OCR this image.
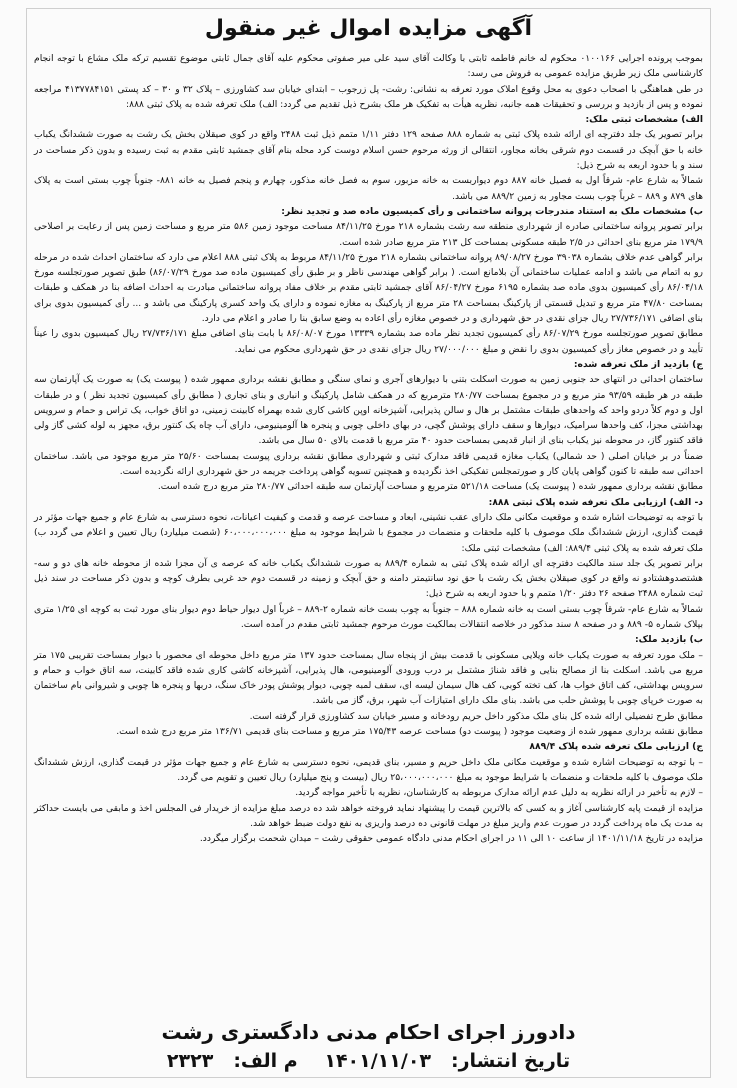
آگهی مزایده اموال غیر منقول

بموجب پرونده اجرایی ۰۱۰۰۱۶۶ محکوم له خانم فاطمه ثابتی با وکالت آقای سید علی میر صفوتی محکوم علیه آقای جمال ثابتی موضوع تقسیم ترکه ملک مشاع با توجه انجام کارشناسی ملک زیر طریق مزایده عمومی به فروش می رسد:

در طی هماهنگی با اصحاب دعوی به محل وقوع املاک مورد تعرفه به نشانی: رشت- پل زرجوب – ابتدای خیابان سد کشاورزی – پلاک ۳۲ و ۳۰ – کد پستی ۴۱۳۷۷۸۴۱۵۱ مراجعه نموده و پس از بازدید و بررسی و تحقیقات همه جانبه، نظریه هیأت به تفکیک هر ملک بشرح ذیل تقدیم می گردد: الف) ملک تعرفه شده به پلاک ثبتی ۸۸۸:

الف) مشخصات ثبتی ملک:

برابر تصویر یک جلد دفترچه ای ارائه شده پلاک ثبتی به شماره ۸۸۸ صفحه ۱۲۹ دفتر ۱/۱۱ متمم ذیل ثبت ۲۴۸۸ واقع در کوی صیقلان بخش یک رشت به صورت ششدانگ یکباب خانه با حق آبچک در قسمت دوم شرقی بخانه مجاور، انتقالی از ورثه مرحوم حسن اسلام دوست کرد محله بنام آقای جمشید ثابتی مقدم به ثبت رسیده و بدون ذکر مساحت در سند و با حدود اربعه به شرح ذیل:

شمالاً به شارع عام- شرقاً اول به فصیل خانه ۸۸۷ دوم دیواربست به خانه مزبور، سوم به فصل خانه مذکور، چهارم و پنجم فصیل به خانه ۸۸۱- جنوباً چوب بستی است به پلاک های ۸۷۹ و ۸۸۹ – غرباً چوب بست مجاور به زمین ۸۸۹/۲ می باشد.

ب) مشخصات ملک به استناد مندرجات پروانه ساختمانی و رأی کمیسیون ماده صد و تجدید نظر:

برابر تصویر پروانه ساختمانی صادره از شهرداری منطقه سه رشت بشماره ۲۱۸ مورخ ۸۴/۱۱/۲۵ مساحت موجود زمین ۵۸۶ متر مربع و مساحت زمین پس از رعایت بر اصلاحی ۱۷۹/۹ متر مربع بنای احداثی در ۲/۵ طبقه مسکونی بمساحت کل ۲۱۳ متر مربع صادر شده است.

برابر گواهی عدم خلاف بشماره ۳۹۰۳۸ مورخ ۸۹/۰۸/۲۷ پروانه ساختمانی بشماره ۲۱۸ مورخ ۸۴/۱۱/۲۵ مربوط به پلاک ثبتی ۸۸۸ اعلام می دارد که ساختمان احداث شده در مرحله رو به اتمام می باشد و ادامه عملیات ساختمانی آن بلامانع است. ( برابر گواهی مهندسی ناظر و بر طبق رأی کمیسیون ماده صد مورخ ۸۶/۰۷/۲۹) طبق تصویر صورتجلسه مورخ ۸۶/۰۴/۱۸ رأی کمیسیون بدوی ماده صد بشماره ۶۱۹۵ مورخ ۸۶/۰۴/۲۷ آقای جمشید ثابتی مقدم بر خلاف مفاد پروانه ساختمانی مبادرت به احداث اضافه بنا در همکف و طبقات بمساحت ۴۷/۸۰ متر مربع و تبدیل قسمتی از پارکینگ بمساحت ۲۸ متر مربع از پارکینگ به مغازه نموده و دارای یک واحد کسری پارکینگ می باشد و ... رأی کمیسیون بدوی برای بنای اضافی ۲۷/۷۳۶/۱۷۱ ریال جزای نقدی در حق شهرداری و در خصوص مغازه رأی اعاده به وضع سابق بنا را صادر و اعلام می دارد.

مطابق تصویر صورتجلسه مورخ ۸۶/۰۷/۲۹ رأی کمیسیون تجدید نظر ماده صد بشماره ۱۳۳۳۹ مورخ ۸۶/۰۸/۰۷ با بابت بنای اضافی مبلغ ۲۷/۷۳۶/۱۷۱ ریال کمیسیون بدوی را عیناً تأیید و در خصوص مغاز رأی کمیسیون بدوی را نقض و مبلغ ۲۷/۰۰۰/۰۰۰ ریال جزای نقدی در حق شهرداری محکوم می نماید.

ج) بازدید از ملک تعرفه شده:

ساختمان احداثی در انتهای حد جنوبی زمین به صورت اسکلت بتنی با دیوارهای آجری و نمای سنگی و مطابق نقشه برداری ممهور شده ( پیوست یک) به صورت یک آپارتمان سه طبقه در هر طبقه ۹۳/۵۹ متر مربع و در مجموع بمساحت ۲۸۰/۷۷ مترمربع که در همکف شامل پارکینگ و انباری و بنای تجاری ( مطابق رأی کمیسیون تجدید نظر ) و در طبقات اول و دوم کلاً دردو واحد که واحدهای طبقات مشتمل بر هال و سالن پذیرایی، آشپزخانه اوپن کاشی کاری شده بهمراه کابینت زمینی، دو اتاق خواب، یک تراس و حمام و سرویس بهداشتی مجزا، کف واحدها سرامیک، دیوارها و سقف دارای پوشش گچی، در بهای داخلی چوبی و پنجره ها آلومینیومی، دارای آب چاه یک کنتور برق، مجهز به لوله کشی گاز ولی فاقد کنتور گاز، در محوطه نیز یکباب بنای از انبار قدیمی بمساحت حدود ۴۰ متر مربع با قدمت بالای ۵۰ سال می باشد.

ضمناً در بر خیابان اصلی ( حد شمالی) یکباب مغازه قدیمی فاقد مدارک ثبتی و شهرداری مطابق نقشه برداری پیوست بمساحت ۲۵/۶۰ متر مربع موجود می باشد. ساختمان احداثی سه طبقه تا کنون گواهی پایان کار و صورتمجلس تفکیکی اخذ نگردیده و همچنین تسویه گواهی پرداخت جریمه در حق شهرداری ارائه نگردیده است.

مطابق نقشه برداری ممهور شده ( پیوست یک) مساحت ۵۲۱/۱۸ مترمربع و مساحت آپارتمان سه طبقه احداثی ۲۸۰/۷۷ متر مربع درج شده است.

د- الف) ارزیابی ملک تعرفه شده پلاک ثبتی ۸۸۸:

با توجه به توضیحات اشاره شده و موقعیت مکانی ملک دارای عقب نشینی، ابعاد و مساحت عرصه و قدمت و کیفیت اعیانات، نحوه دسترسی به شارع عام و جمیع جهات مؤثر در قیمت گذاری، ارزش ششدانگ ملک موصوف با کلیه ملحقات و منضمات در مجموع با شرایط موجود به مبلغ ۶۰،۰۰۰،۰۰۰،۰۰۰ (شصت میلیارد) ریال تعیین و اعلام می گردد ب) ملک تعرفه شده به پلاک ثبتی ۸۸۹/۴: الف) مشخصات ثبتی ملک:

برابر تصویر یک جلد سند مالکیت دفترچه ای ارائه شده پلاک ثبتی به شماره ۸۸۹/۴ به صورت ششدانگ یکباب خانه که عرصه ی آن مجزا شده از محوطه خانه های دو و سه- هشتصدوهشتادو نه واقع در کوی صیقلان بخش یک رشت با حق نود سانتیمتر دامنه و حق آبچک و زمینه در قسمت دوم حد غربی بطرف کوچه و بدون ذکر مساحت در سند ذیل ثبت شماره ۲۴۸۸ صفحه ۲۶ دفتر ۱/۲۰ متمم و با حدود اربعه به شرح ذیل:

شمالاً به شارع عام- شرقاً چوب بستی است به خانه شماره ۸۸۸ – جنوباً به چوب بست خانه شماره ۲-۸۸۹ – غرباً اول دیوار حیاط دوم دیوار بنای مورد ثبت به کوچه ای ۱/۲۵ متری بپلاک شماره ۵- ۸۸۹ و در صفحه ۸ سند مذکور در خلاصه انتقالات بمالکیت مورث مرحوم جمشید ثابتی مقدم در آمده است.

ب) بازدید ملک:

– ملک مورد تعرفه به صورت یکباب خانه ویلایی مسکونی با قدمت بیش از پنجاه سال بمساحت حدود ۱۳۷ متر مربع داخل محوطه ای محصور با دیوار بمساحت تقریبی ۱۷۵ متر مربع می باشد. اسکلت بنا از مصالح بنایی و فاقد شناژ مشتمل بر درب ورودی آلومینیومی، هال پذیرایی، آشپزخانه کاشی کاری شده فاقد کابینت، سه اتاق خواب و حمام و سرویس بهداشتی، کف اتاق خواب ها، کف تخته کوبی، کف هال سیمان لیسه ای، سقف لمبه چوبی، دیوار پوشش پودر خاک سنگ، دربها و پنجره ها چوبی و شیروانی بام ساختمان به صورت خرپای چوبی با پوشش حلب می باشد. بنای ملک دارای امتیازات آب شهر، برق، گاز می باشد.

مطابق طرح تفضیلی ارائه شده کل بنای ملک مذکور داخل حریم رودخانه و مسیر خیابان سد کشاورزی قرار گرفته است.

مطابق نقشه برداری ممهور شده از وضعیت موجود ( پیوست دو) مساحت عرصه ۱۷۵/۴۳ متر مربع و مساحت بنای قدیمی ۱۳۶/۷۱ متر مربع درج شده است.

ج) ارزیابی ملک تعرفه شده پلاک ۸۸۹/۴

– با توجه به توضیحات اشاره شده و موقعیت مکانی ملک داخل حریم و مسیر، بنای قدیمی، نحوه دسترسی به شارع عام و جمیع جهات مؤثر در قیمت گذاری، ارزش ششدانگ ملک موصوف با کلیه ملحقات و منضمات با شرایط موجود به مبلغ ۲۵،۰۰۰،۰۰۰،۰۰۰ ریال (بیست و پنج میلیارد) ریال تعیین و تقویم می گردد.

– لازم به تأخیر در ارائه نظریه به دلیل عدم ارائه مدارک مربوطه به کارشناسان، نظریه با تأخیر مواجه گردید.

مزایده از قیمت پایه کارشناسی آغاز و به کسی که بالاترین قیمت را پیشنهاد نماید فروخته خواهد شد ده درصد مبلغ مزایده از خریدار فی المجلس اخذ و مابقی می بایست حداکثر به مدت یک ماه پرداخت گردد در صورت عدم واریز مبلغ در مهلت قانونی ده درصد واریزی به نفع دولت ضبط خواهد شد.

مزایده در تاریخ ۱۴۰۱/۱۱/۱۸ از ساعت ۱۰ الی ۱۱ در اجرای احکام مدنی دادگاه عمومی حقوقی رشت – میدان شحمت برگزار میگردد.

دادورز اجرای احکام مدنی دادگستری رشت
تاریخ انتشار:۱۴۰۱/۱۱/۰۳ م الف:۲۳۲۳
